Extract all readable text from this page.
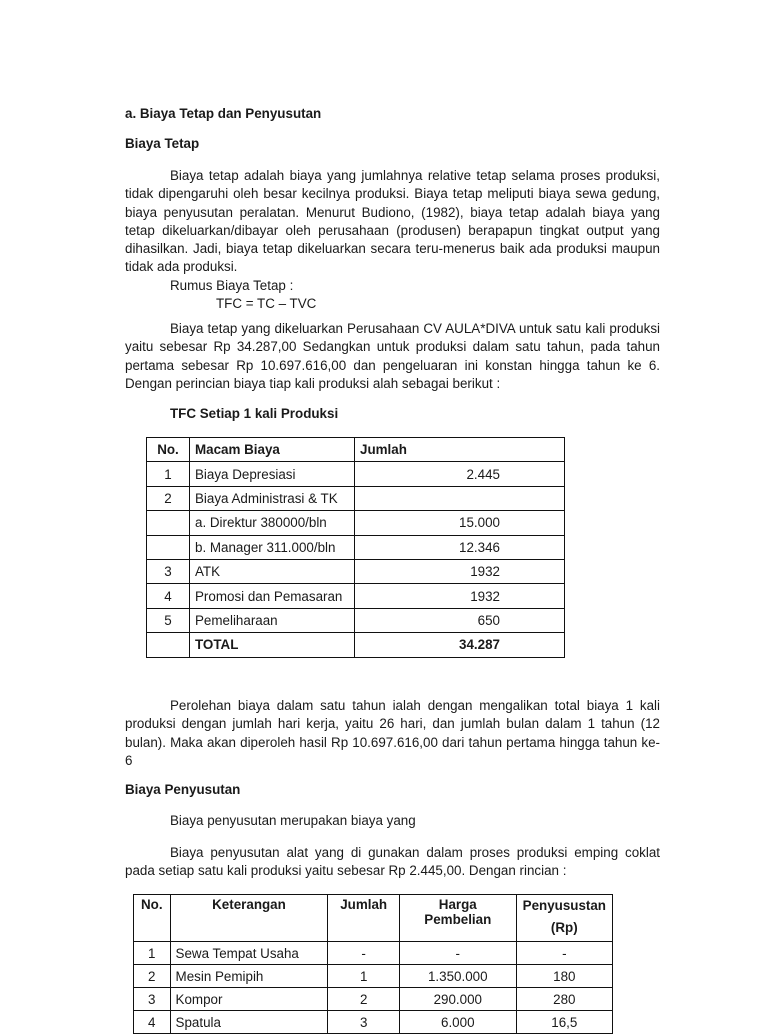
a. Biaya Tetap dan Penyusutan
Biaya Tetap

Biaya tetap adalah biaya yang jumlahnya relative tetap selama proses produksi, tidak dipengaruhi oleh besar kecilnya produksi. Biaya tetap meliputi biaya sewa gedung, biaya penyusutan peralatan. Menurut Budiono, (1982), biaya tetap adalah biaya yang tetap dikeluarkan/dibayar oleh perusahaan (produsen) berapapun tingkat output yang dihasilkan. Jadi, biaya tetap dikeluarkan secara teru-menerus baik ada produksi maupun tidak ada produksi.

Rumus Biaya Tetap :
TFC = TC – TVC

Biaya tetap yang dikeluarkan Perusahaan CV AULA*DIVA untuk satu kali produksi yaitu sebesar Rp 34.287,00 Sedangkan untuk produksi dalam satu tahun, pada tahun pertama sebesar Rp 10.697.616,00 dan pengeluaran ini konstan hingga tahun ke 6. Dengan perincian biaya tiap kali produksi alah sebagai berikut :

TFC Setiap 1 kali Produksi

Perolehan biaya dalam satu tahun ialah dengan mengalikan total biaya 1 kali produksi dengan jumlah hari kerja, yaitu 26 hari, dan jumlah bulan dalam 1 tahun (12 bulan). Maka akan diperoleh hasil Rp 10.697.616,00 dari tahun pertama hingga tahun ke-6

Biaya Penyusutan
Biaya penyusutan merupakan biaya yang

Biaya penyusutan alat yang di gunakan dalam proses produksi emping coklat pada setiap satu kali produksi yaitu sebesar Rp 2.445,00. Dengan rincian :

No.	Macam Biaya	Jumlah
1	Biaya Depresiasi	2.445
2	Biaya Administrasi & TK	
	a. Direktur 380000/bln	15.000
	b. Manager 311.000/bln	12.346
3	ATK	1932
4	Promosi dan Pemasaran	1932
5	Pemeliharaan	650
	TOTAL	34.287
No.	Keterangan	Jumlah	Harga Pembelian	Penyusustan (Rp)
1	Sewa Tempat Usaha	-	-	-
2	Mesin Pemipih	1	1.350.000	180
3	Kompor	2	290.000	280
4	Spatula	3	6.000	16,5
